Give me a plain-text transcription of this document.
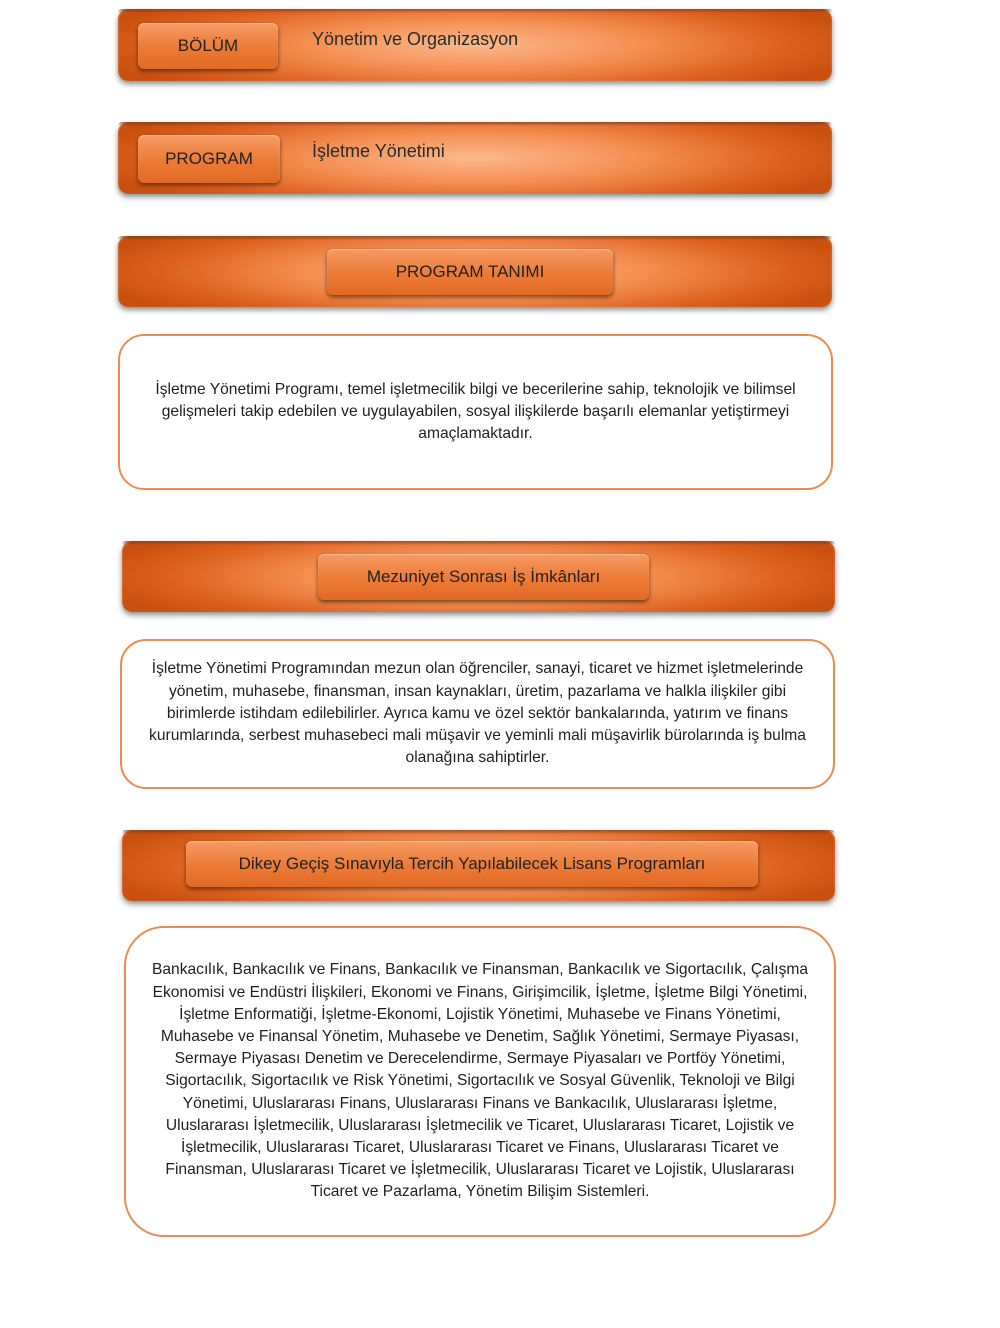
BÖLÜM	Yönetim ve Organizasyon
PROGRAM	İşletme Yönetimi
PROGRAM TANIMI

İşletme Yönetimi Programı, temel işletmecilik bilgi ve becerilerine sahip, teknolojik ve bilimsel gelişmeleri takip edebilen ve uygulayabilen, sosyal ilişkilerde başarılı elemanlar yetiştirmeyi amaçlamaktadır.

Mezuniyet Sonrası İş İmkânları

İşletme Yönetimi Programından mezun olan öğrenciler, sanayi, ticaret ve hizmet işletmelerinde yönetim, muhasebe, finansman, insan kaynakları, üretim, pazarlama ve halkla ilişkiler gibi birimlerde istihdam edilebilirler. Ayrıca kamu ve özel sektör bankalarında, yatırım ve finans kurumlarında, serbest muhasebeci mali müşavir ve yeminli mali müşavirlik bürolarında iş bulma olanağına sahiptirler.

Dikey Geçiş Sınavıyla Tercih Yapılabilecek Lisans Programları

Bankacılık, Bankacılık ve Finans, Bankacılık ve Finansman, Bankacılık ve Sigortacılık, Çalışma Ekonomisi ve Endüstri İlişkileri, Ekonomi ve Finans, Girişimcilik, İşletme, İşletme Bilgi Yönetimi, İşletme Enformatiği, İşletme-Ekonomi, Lojistik Yönetimi, Muhasebe ve Finans Yönetimi, Muhasebe ve Finansal Yönetim, Muhasebe ve Denetim, Sağlık Yönetimi, Sermaye Piyasası, Sermaye Piyasası Denetim ve Derecelendirme, Sermaye Piyasaları ve Portföy Yönetimi, Sigortacılık, Sigortacılık ve Risk Yönetimi, Sigortacılık ve Sosyal Güvenlik, Teknoloji ve Bilgi Yönetimi, Uluslararası Finans, Uluslararası Finans ve Bankacılık, Uluslararası İşletme, Uluslararası İşletmecilik, Uluslararası İşletmecilik ve Ticaret, Uluslararası Ticaret, Lojistik ve İşletmecilik, Uluslararası Ticaret, Uluslararası Ticaret ve Finans, Uluslararası Ticaret ve Finansman, Uluslararası Ticaret ve İşletmecilik, Uluslararası Ticaret ve Lojistik, Uluslararası Ticaret ve Pazarlama, Yönetim Bilişim Sistemleri.
